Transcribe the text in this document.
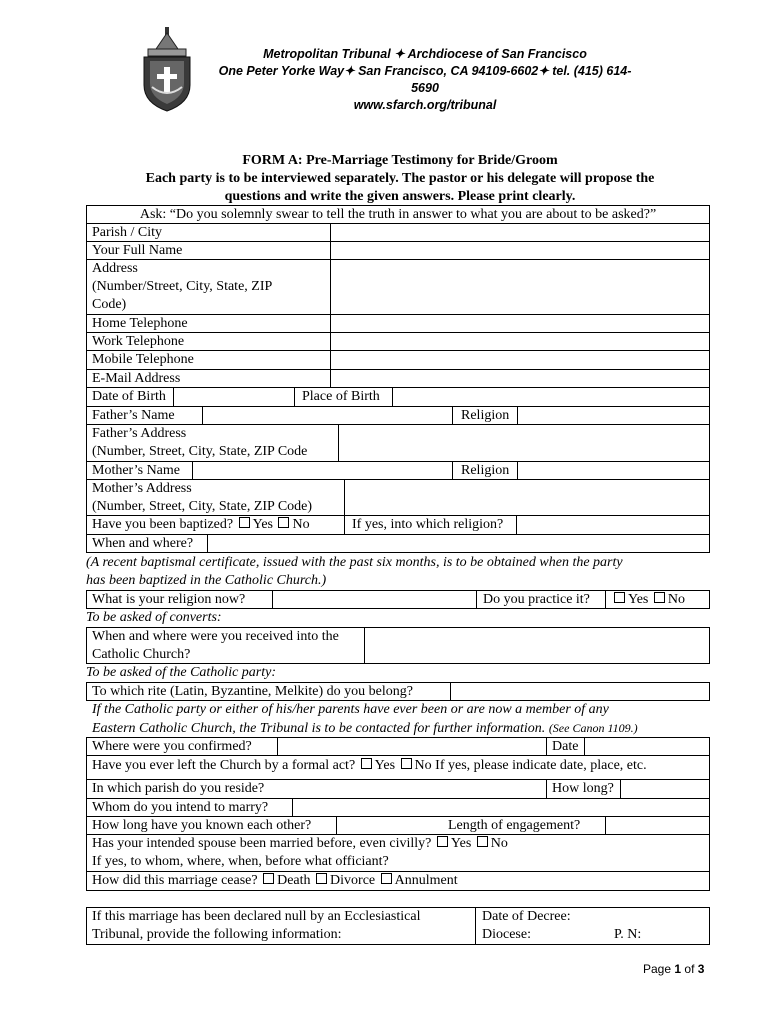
Metropolitan Tribunal ✦ Archdiocese of San Francisco
One Peter Yorke Way✦ San Francisco, CA 94109-6602✦ tel. (415) 614-5690
www.sfarch.org/tribunal
FORM A: Pre-Marriage Testimony for Bride/Groom
Each party is to be interviewed separately. The pastor or his delegate will propose the
questions and write the given answers. Please print clearly.
Ask: “Do you solemnly swear to tell the truth in answer to what you are about to be asked?”
Parish / City
Your Full Name
Address
(Number/Street, City, State, ZIP
Code)
Home Telephone
Work Telephone
Mobile Telephone
E-Mail Address
Date of Birth	Place of Birth
Father’s Name	Religion
Father’s Address
(Number, Street, City, State, ZIP Code
Mother’s Name	Religion
Mother’s Address
(Number, Street, City, State, ZIP Code)
Have you been baptized? Yes No	If yes, into which religion?
When and where?
(A recent baptismal certificate, issued with the past six months, is to be obtained when the party
has been baptized in the Catholic Church.)
What is your religion now?	Do you practice it?	Yes No
To be asked of converts:
When and where were you received into the
Catholic Church?
To be asked of the Catholic party:
To which rite (Latin, Byzantine, Melkite) do you belong?
If the Catholic party or either of his/her parents have ever been or are now a member of any
Eastern Catholic Church, the Tribunal is to be contacted for further information. (See Canon 1109.)
Where were you confirmed?	Date
Have you ever left the Church by a formal act? Yes No If yes, please indicate date, place, etc.
In which parish do you reside?	How long?
Whom do you intend to marry?
How long have you known each other?	Length of engagement?
Has your intended spouse been married before, even civilly? Yes No
If yes, to whom, where, when, before what officiant?
How did this marriage cease? Death Divorce Annulment
If this marriage has been declared null by an Ecclesiastical
Tribunal, provide the following information:
Date of Decree:
Diocese:	P. N:
Page 1 of 3
